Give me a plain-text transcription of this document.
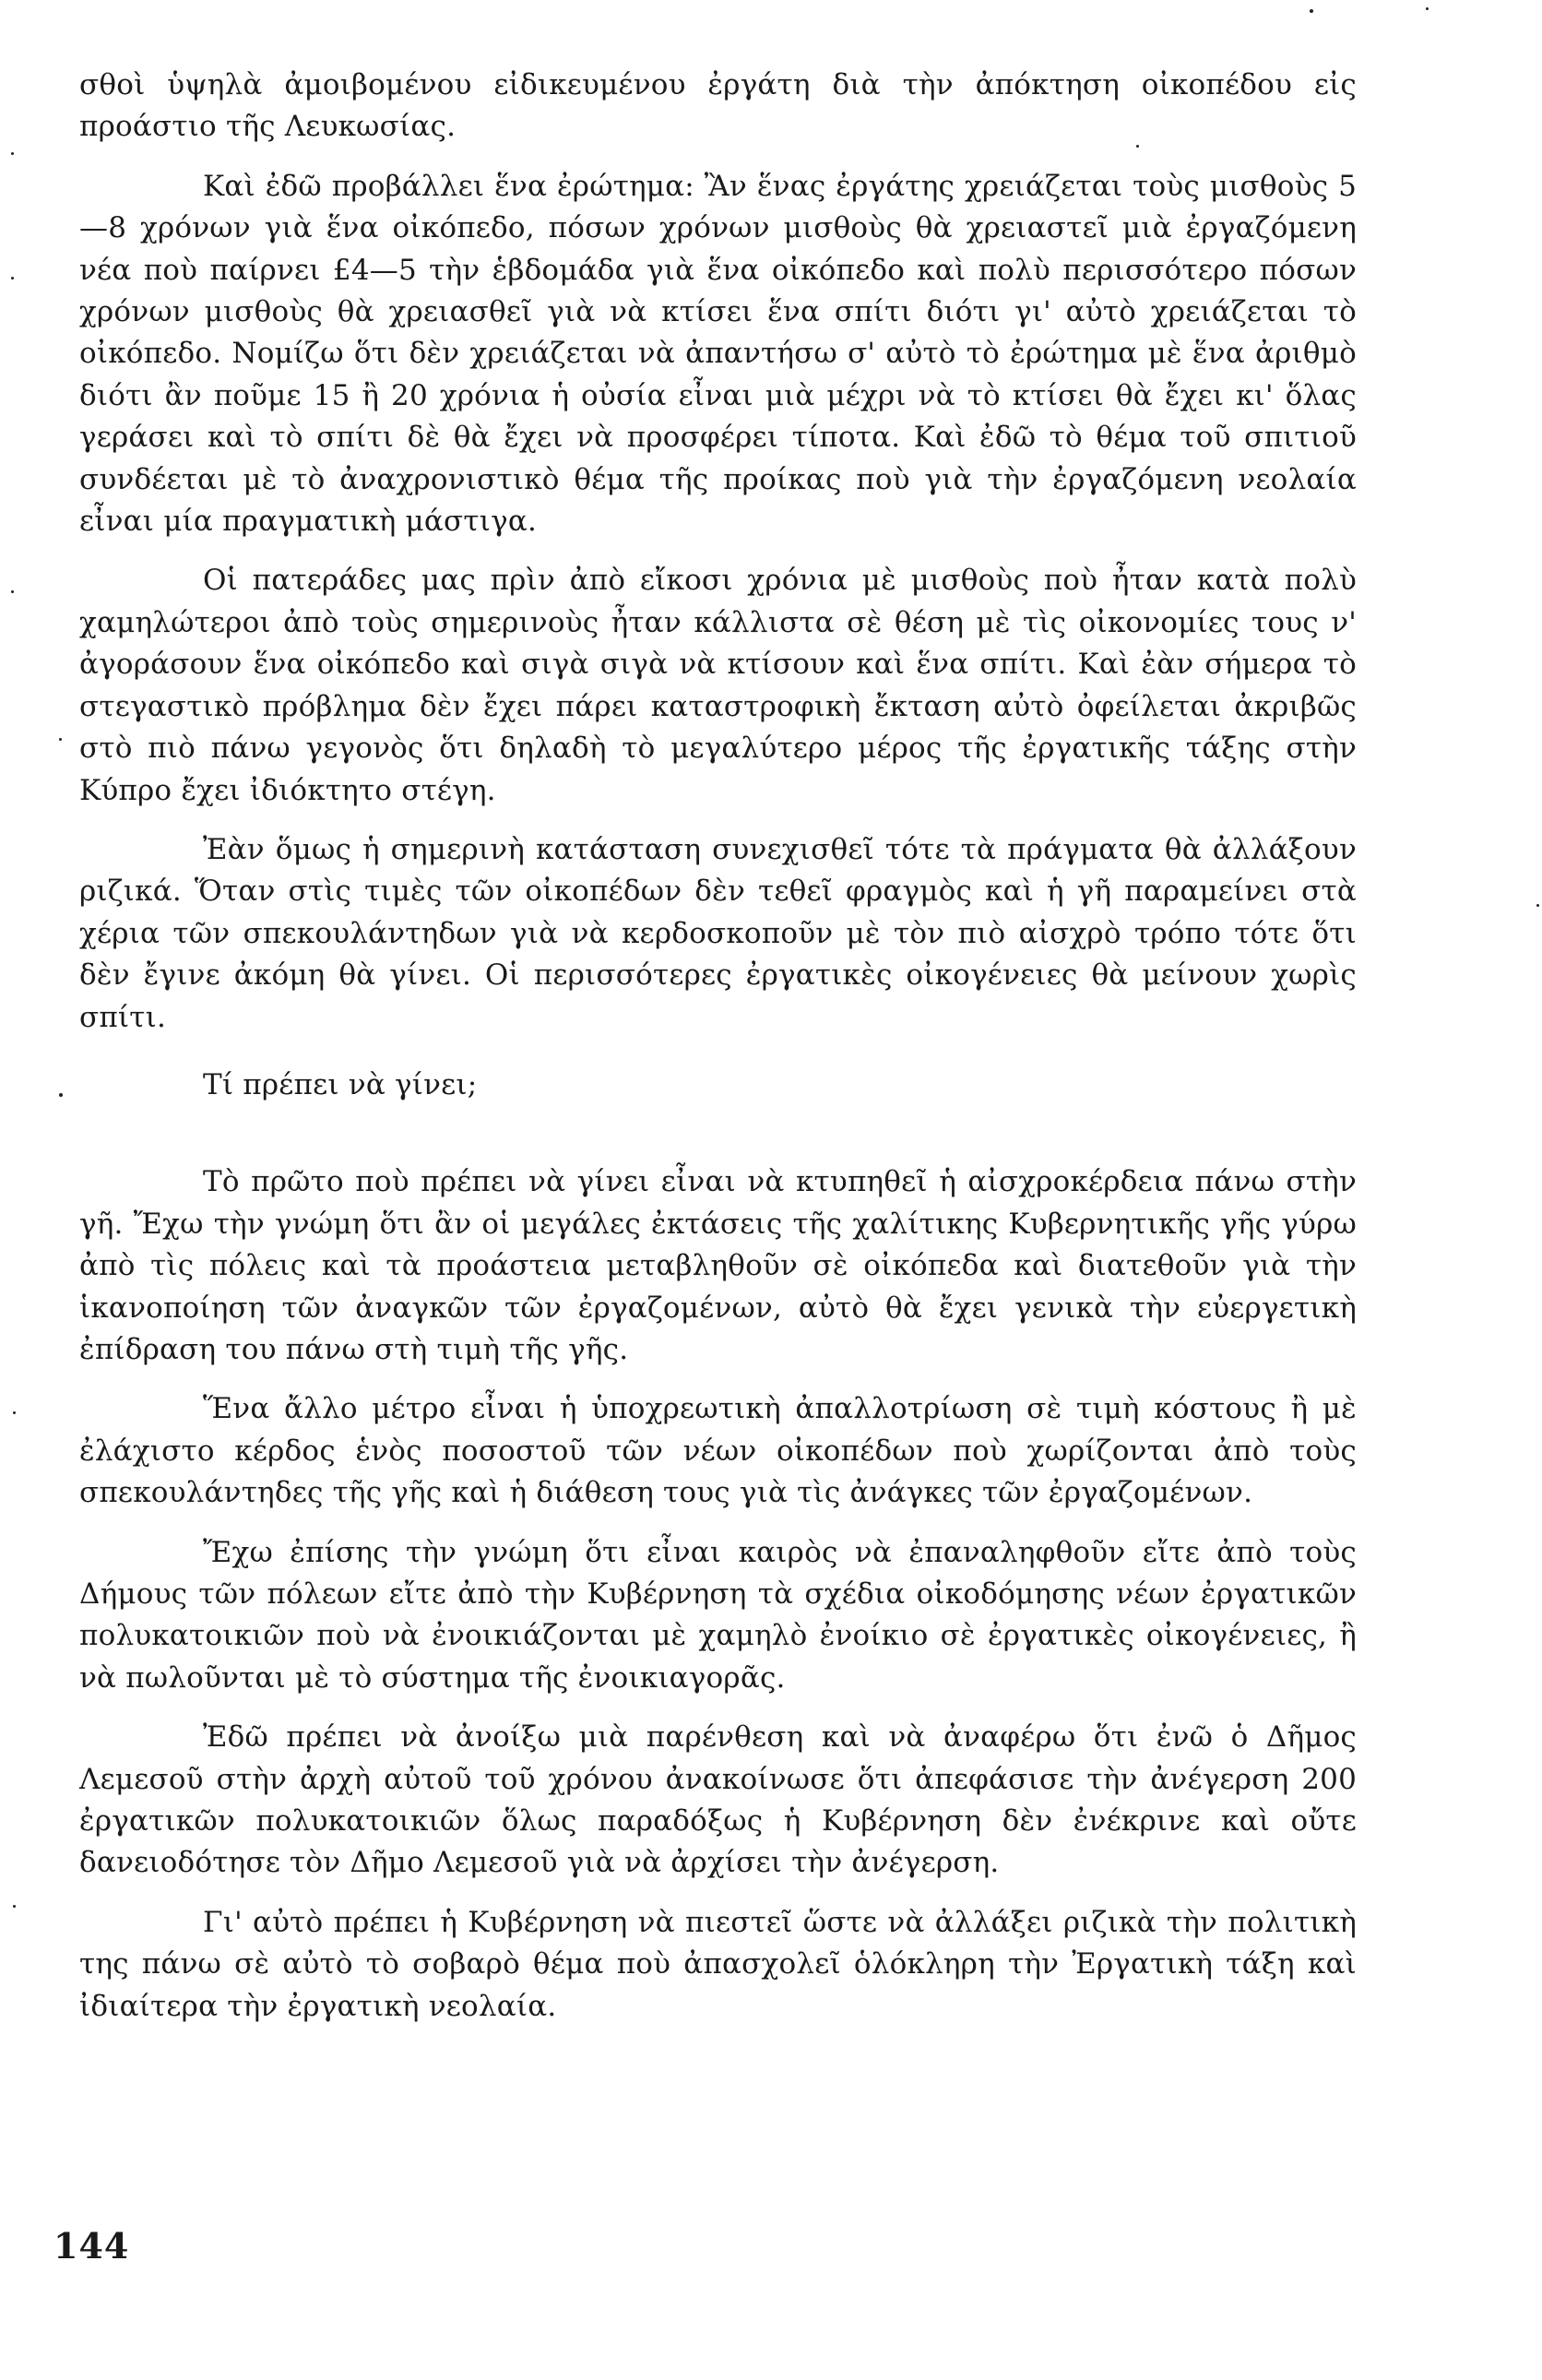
σθοὶ ὑψηλὰ ἀμοιβομένου εἰδικευμένου ἐργάτη διὰ τὴν ἀπόκτηση οἰκοπέδου εἰς προάστιο τῆς Λευκωσίας.

Καὶ ἐδῶ προβάλλει ἕνα ἐρώτημα: Ἂν ἕνας ἐργάτης χρειάζεται τοὺς μισθοὺς 5—8 χρόνων γιὰ ἕνα οἰκόπεδο, πόσων χρόνων μισθοὺς θὰ χρειαστεῖ μιὰ ἐργαζόμενη νέα ποὺ παίρνει £4—5 τὴν ἑβδομάδα γιὰ ἕνα οἰκόπεδο καὶ πολὺ περισσότερο πόσων χρόνων μισθοὺς θὰ χρειασθεῖ γιὰ νὰ κτίσει ἕνα σπίτι διότι γι' αὐτὸ χρειάζεται τὸ οἰκόπεδο. Νομίζω ὅτι δὲν χρειάζεται νὰ ἀπαντήσω σ' αὐτὸ τὸ ἐρώτημα μὲ ἕνα ἀριθμὸ διότι ἂν ποῦμε 15 ἢ 20 χρόνια ἡ οὐσία εἶναι μιὰ μέχρι νὰ τὸ κτίσει θὰ ἔχει κι' ὅλας γεράσει καὶ τὸ σπίτι δὲ θὰ ἔχει νὰ προσφέρει τίποτα. Καὶ ἐδῶ τὸ θέμα τοῦ σπιτιοῦ συνδέεται μὲ τὸ ἀναχρονιστικὸ θέμα τῆς προίκας ποὺ γιὰ τὴν ἐργαζόμενη νεολαία εἶναι μία πραγματικὴ μάστιγα.

Οἱ πατεράδες μας πρὶν ἀπὸ εἴκοσι χρόνια μὲ μισθοὺς ποὺ ἦταν κατὰ πολὺ χαμηλώτεροι ἀπὸ τοὺς σημερινοὺς ἦταν κάλλιστα σὲ θέση μὲ τὶς οἰκονομίες τους ν' ἀγοράσουν ἕνα οἰκόπεδο καὶ σιγὰ σιγὰ νὰ κτίσουν καὶ ἕνα σπίτι. Καὶ ἐὰν σήμερα τὸ στεγαστικὸ πρόβλημα δὲν ἔχει πάρει καταστροφικὴ ἔκταση αὐτὸ ὀφείλεται ἀκριβῶς στὸ πιὸ πάνω γεγονὸς ὅτι δηλαδὴ τὸ μεγαλύτερο μέρος τῆς ἐργατικῆς τάξης στὴν Κύπρο ἔχει ἰδιόκτητο στέγη.

Ἐὰν ὅμως ἡ σημερινὴ κατάσταση συνεχισθεῖ τότε τὰ πράγματα θὰ ἀλλάξουν ριζικά. Ὅταν στὶς τιμὲς τῶν οἰκοπέδων δὲν τεθεῖ φραγμὸς καὶ ἡ γῆ παραμείνει στὰ χέρια τῶν σπεκουλάντηδων γιὰ νὰ κερδοσκοποῦν μὲ τὸν πιὸ αἰσχρὸ τρόπο τότε ὅτι δὲν ἔγινε ἀκόμη θὰ γίνει. Οἱ περισσότερες ἐργατικὲς οἰκογένειες θὰ μείνουν χωρὶς σπίτι.

Τί πρέπει νὰ γίνει;

Τὸ πρῶτο ποὺ πρέπει νὰ γίνει εἶναι νὰ κτυπηθεῖ ἡ αἰσχροκέρδεια πάνω στὴν γῆ. Ἔχω τὴν γνώμη ὅτι ἂν οἱ μεγάλες ἐκτάσεις τῆς χαλίτικης Κυβερνητικῆς γῆς γύρω ἀπὸ τὶς πόλεις καὶ τὰ προάστεια μεταβληθοῦν σὲ οἰκόπεδα καὶ διατεθοῦν γιὰ τὴν ἱκανοποίηση τῶν ἀναγκῶν τῶν ἐργαζομένων, αὐτὸ θὰ ἔχει γενικὰ τὴν εὐεργετικὴ ἐπίδραση του πάνω στὴ τιμὴ τῆς γῆς.

Ἕνα ἄλλο μέτρο εἶναι ἡ ὑποχρεωτικὴ ἀπαλλοτρίωση σὲ τιμὴ κόστους ἢ μὲ ἐλάχιστο κέρδος ἑνὸς ποσοστοῦ τῶν νέων οἰκοπέδων ποὺ χωρίζονται ἀπὸ τοὺς σπεκουλάντηδες τῆς γῆς καὶ ἡ διάθεση τους γιὰ τὶς ἀνάγκες τῶν ἐργαζομένων.

Ἔχω ἐπίσης τὴν γνώμη ὅτι εἶναι καιρὸς νὰ ἐπαναληφθοῦν εἴτε ἀπὸ τοὺς Δήμους τῶν πόλεων εἴτε ἀπὸ τὴν Κυβέρνηση τὰ σχέδια οἰκοδόμησης νέων ἐργατικῶν πολυκατοικιῶν ποὺ νὰ ἐνοικιάζονται μὲ χαμηλὸ ἐνοίκιο σὲ ἐργατικὲς οἰκογένειες, ἢ νὰ πωλοῦνται μὲ τὸ σύστημα τῆς ἐνοικιαγορᾶς.

Ἐδῶ πρέπει νὰ ἀνοίξω μιὰ παρένθεση καὶ νὰ ἀναφέρω ὅτι ἐνῶ ὁ Δῆμος Λεμεσοῦ στὴν ἀρχὴ αὐτοῦ τοῦ χρόνου ἀνακοίνωσε ὅτι ἀπεφάσισε τὴν ἀνέγερση 200 ἐργατικῶν πολυκατοικιῶν ὅλως παραδόξως ἡ Κυβέρνηση δὲν ἐνέκρινε καὶ οὔτε δανειοδότησε τὸν Δῆμο Λεμεσοῦ γιὰ νὰ ἀρχίσει τὴν ἀνέγερση.

Γι' αὐτὸ πρέπει ἡ Κυβέρνηση νὰ πιεστεῖ ὥστε νὰ ἀλλάξει ριζικὰ τὴν πολιτικὴ της πάνω σὲ αὐτὸ τὸ σοβαρὸ θέμα ποὺ ἀπασχολεῖ ὁλόκληρη τὴν Ἐργατικὴ τάξη καὶ ἰδιαίτερα τὴν ἐργατικὴ νεολαία.

144
